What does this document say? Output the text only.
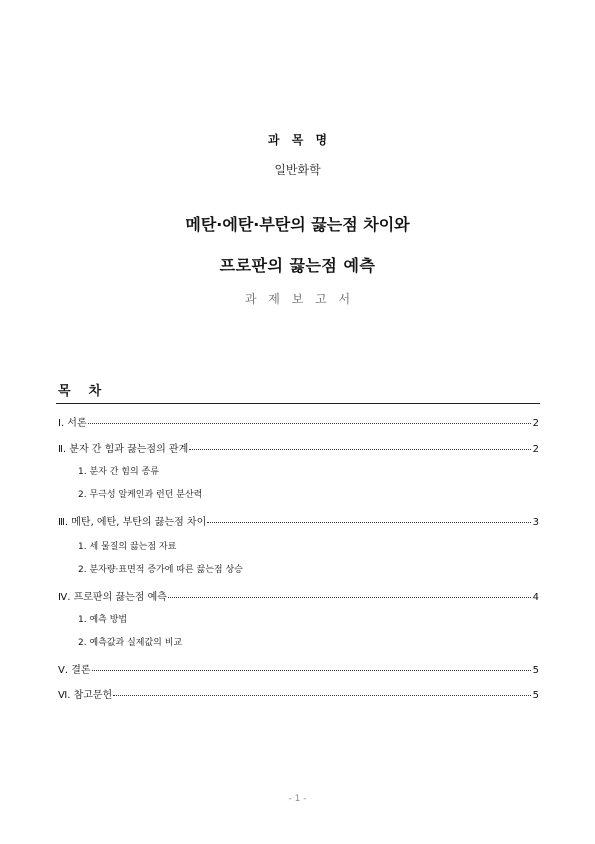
과 목 명
일반화학
메탄·에탄·부탄의 끓는점 차이와
프로판의 끓는점 예측
과 제 보 고 서
목    차
Ⅰ. 서론	2
Ⅱ. 분자 간 힘과 끓는점의 관계	2
1. 분자 간 힘의 종류
2. 무극성 알케인과 런던 분산력
Ⅲ. 메탄, 에탄, 부탄의 끓는점 차이	3
1. 세 물질의 끓는점 자료
2. 분자량·표면적 증가에 따른 끓는점 상승
Ⅳ. 프로판의 끓는점 예측	4
1. 예측 방법
2. 예측값과 실제값의 비교
Ⅴ. 결론	5
Ⅵ. 참고문헌	5
- 1 -
